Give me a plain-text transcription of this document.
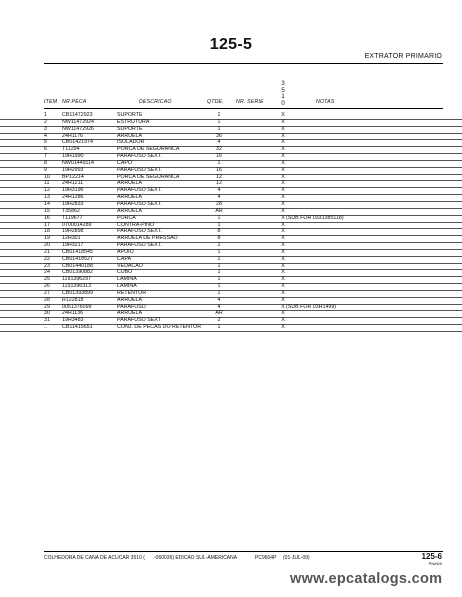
125-5
EXTRATOR PRIMARIO
3
5
1
0
ITEM NR.PECA	DESCRICAO	QTDE. NR. SERIE	NOTAS
1	CB1147292​3	SUPORTE	1	X
2	NW11472924	ESTRUTURA	1	X
3	NW11472926	SUPORTE	1	X
4	24H1176	ARRUELA	36	X
5	CB01421974	ISOLADOR	4	X
6	T11294	PORCA DE SEGURANCA	32	X
7	19H1990	PARAFUSO SEXT.	16	X
8	NW01449114	CAPO	1	X
9	19H2993	PARAFUSO SEXT.	16	X
10	BP12214	PORCA DE SEGURANCA	12	X
11	24H1211	ARRUELA	12	X
12	19H3196	PARAFUSO SEXT.	4	X
13	24H1286	ARRUELA	4	X
14	19H2833	PARAFUSO SEXT.	28	X
15	T35862	ARRUELA	AR	X
16	T119677	PORCA	1	X (SUB FOR 0331385118)
17	0700014289	CONTRA-PINO	1	X
18	19H2898	PARAFUSO SEXT.	8	X
19	12H301	ARRUELA DE PRESSAO	8	X
20	19H3217	PARAFUSO SEXT.	2	X
21	CB01418545	APOIO	1	X
22	CB01418527	CAPA	1	X
23	CB01440188	VEDACAO	1	X
24	CB01390882	CUBO	1	X
25	1191396297	LAMINA	1	X
26	1191396313	LAMINA	1	X
27	CB01393899	RETENTOR	1	X
28	R122818	ARRUELA	4	X
29	0051376099	PARAFUSO	4	X (SUB FOR 03H1499)
30	24H1136	ARRUELA	AR	X
31	19H3483	PARAFUSO SEXT	2	X
..	CB11415651	CONJ. DE PECAS DO RETENTOR	1	X
COLHEDORA DE CANA DE ACUCAR 3510 ( -060036) EDICAO SUL-AMERICANA	PC9604P (01-JUL-09)	125-6
PN#6/9
www.epcatalogs.com
